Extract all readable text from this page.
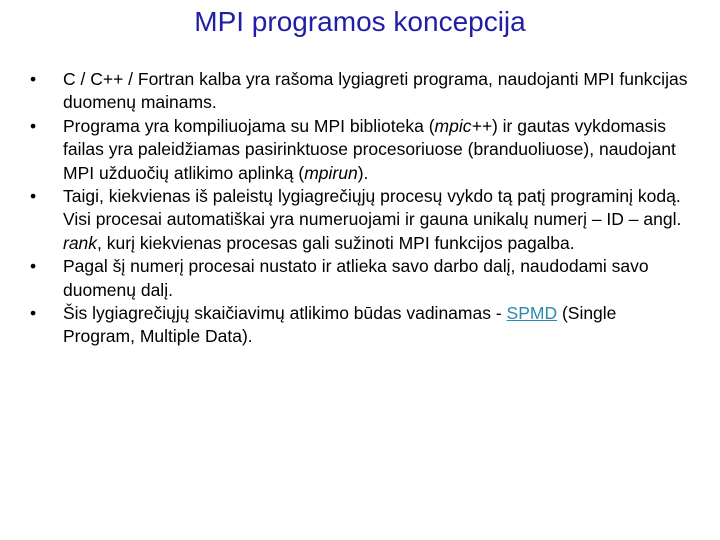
MPI programos koncepcija
• C / C++ / Fortran kalba yra rašoma lygiagreti programa, naudojanti MPI funkcijas duomenų mainams.
• Programa yra kompiliuojama su MPI biblioteka (mpic++) ir gautas vykdomasis failas yra paleidžiamas pasirinktuose procesoriuose (branduoliuose), naudojant MPI užduočių atlikimo aplinką (mpirun).
• Taigi, kiekvienas iš paleistų lygiagrečiųjų procesų vykdo tą patį programinį kodą. Visi procesai automatiškai yra numeruojami ir gauna unikalų numerį – ID – angl. rank, kurį kiekvienas procesas gali sužinoti MPI funkcijos pagalba.
• Pagal šį numerį procesai nustato ir atlieka savo darbo dalį, naudodami savo duomenų dalį.
• Šis lygiagrečiųjų skaičiavimų atlikimo būdas vadinamas - SPMD (Single Program, Multiple Data).
